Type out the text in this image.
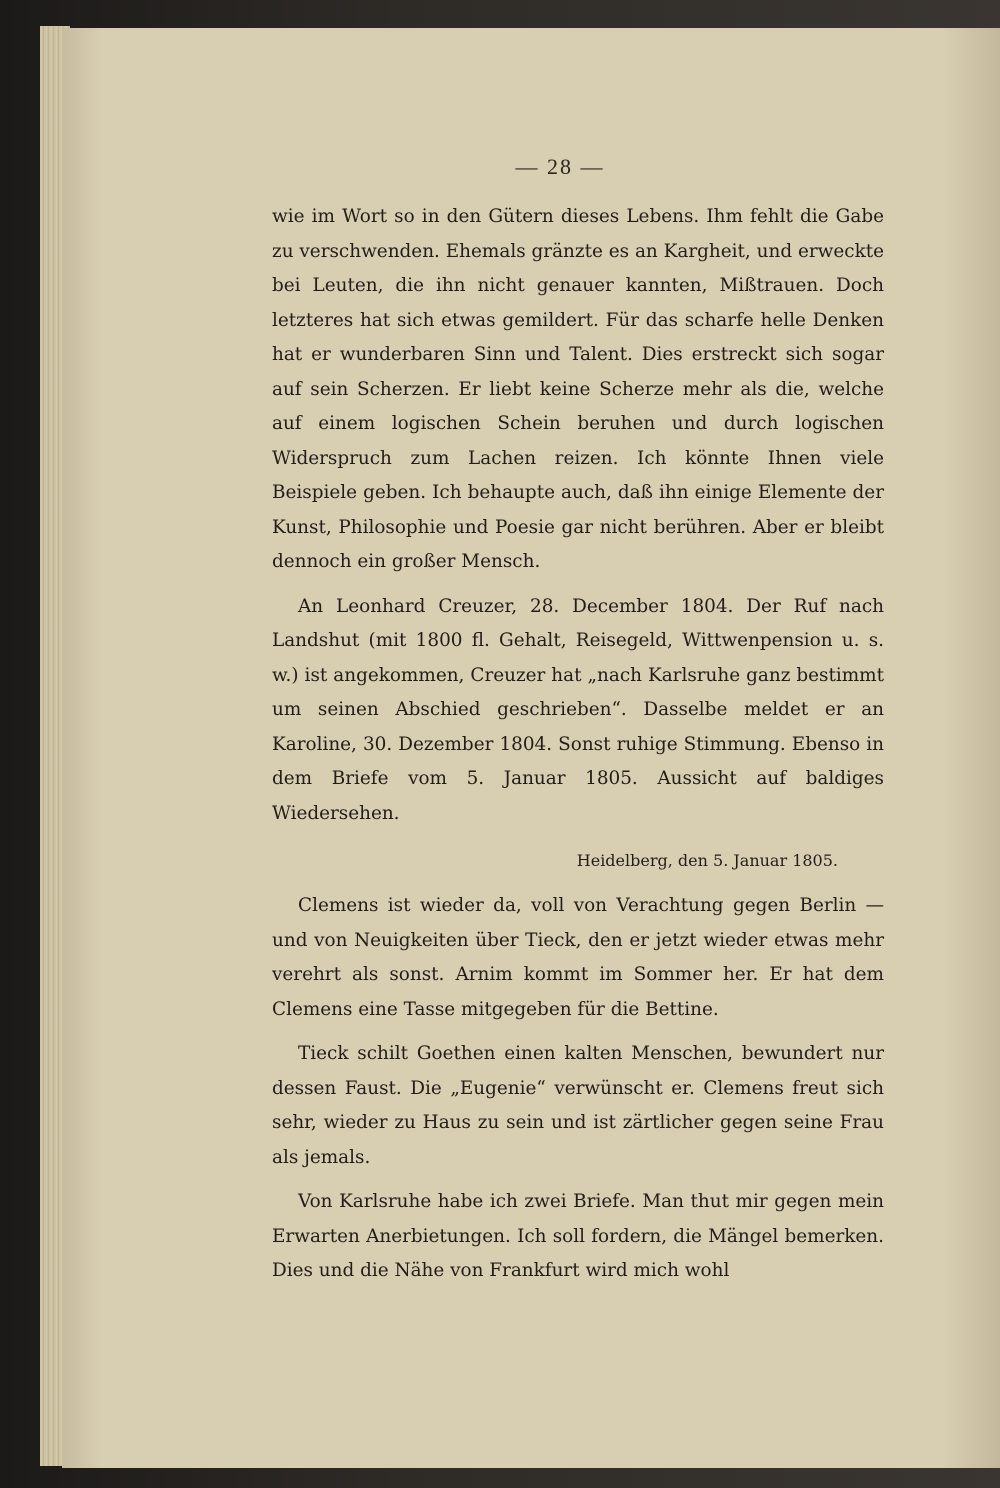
— 28 —

wie im Wort so in den Gütern dieses Lebens. Ihm fehlt die Gabe zu verschwenden. Ehemals gränzte es an Kargheit, und erweckte bei Leuten, die ihn nicht genauer kannten, Mißtrauen. Doch letzteres hat sich etwas gemildert. Für das scharfe helle Denken hat er wunderbaren Sinn und Talent. Dies erstreckt sich sogar auf sein Scherzen. Er liebt keine Scherze mehr als die, welche auf einem logischen Schein beruhen und durch logischen Widerspruch zum Lachen reizen. Ich könnte Ihnen viele Beispiele geben. Ich behaupte auch, daß ihn einige Elemente der Kunst, Philosophie und Poesie gar nicht berühren. Aber er bleibt dennoch ein großer Mensch.

An Leonhard Creuzer, 28. December 1804. Der Ruf nach Landshut (mit 1800 fl. Gehalt, Reisegeld, Wittwenpension u. s. w.) ist angekommen, Creuzer hat „nach Karlsruhe ganz bestimmt um seinen Abschied geschrieben“. Dasselbe meldet er an Karoline, 30. Dezember 1804. Sonst ruhige Stimmung. Ebenso in dem Briefe vom 5. Januar 1805. Aussicht auf baldiges Wiedersehen.

Heidelberg, den 5. Januar 1805.

Clemens ist wieder da, voll von Verachtung gegen Berlin — und von Neuigkeiten über Tieck, den er jetzt wieder etwas mehr verehrt als sonst. Arnim kommt im Sommer her. Er hat dem Clemens eine Tasse mitgegeben für die Bettine.

Tieck schilt Goethen einen kalten Menschen, bewundert nur dessen Faust. Die „Eugenie“ verwünscht er. Clemens freut sich sehr, wieder zu Haus zu sein und ist zärtlicher gegen seine Frau als jemals.

Von Karlsruhe habe ich zwei Briefe. Man thut mir gegen mein Erwarten Anerbietungen. Ich soll fordern, die Mängel bemerken. Dies und die Nähe von Frankfurt wird mich wohl
